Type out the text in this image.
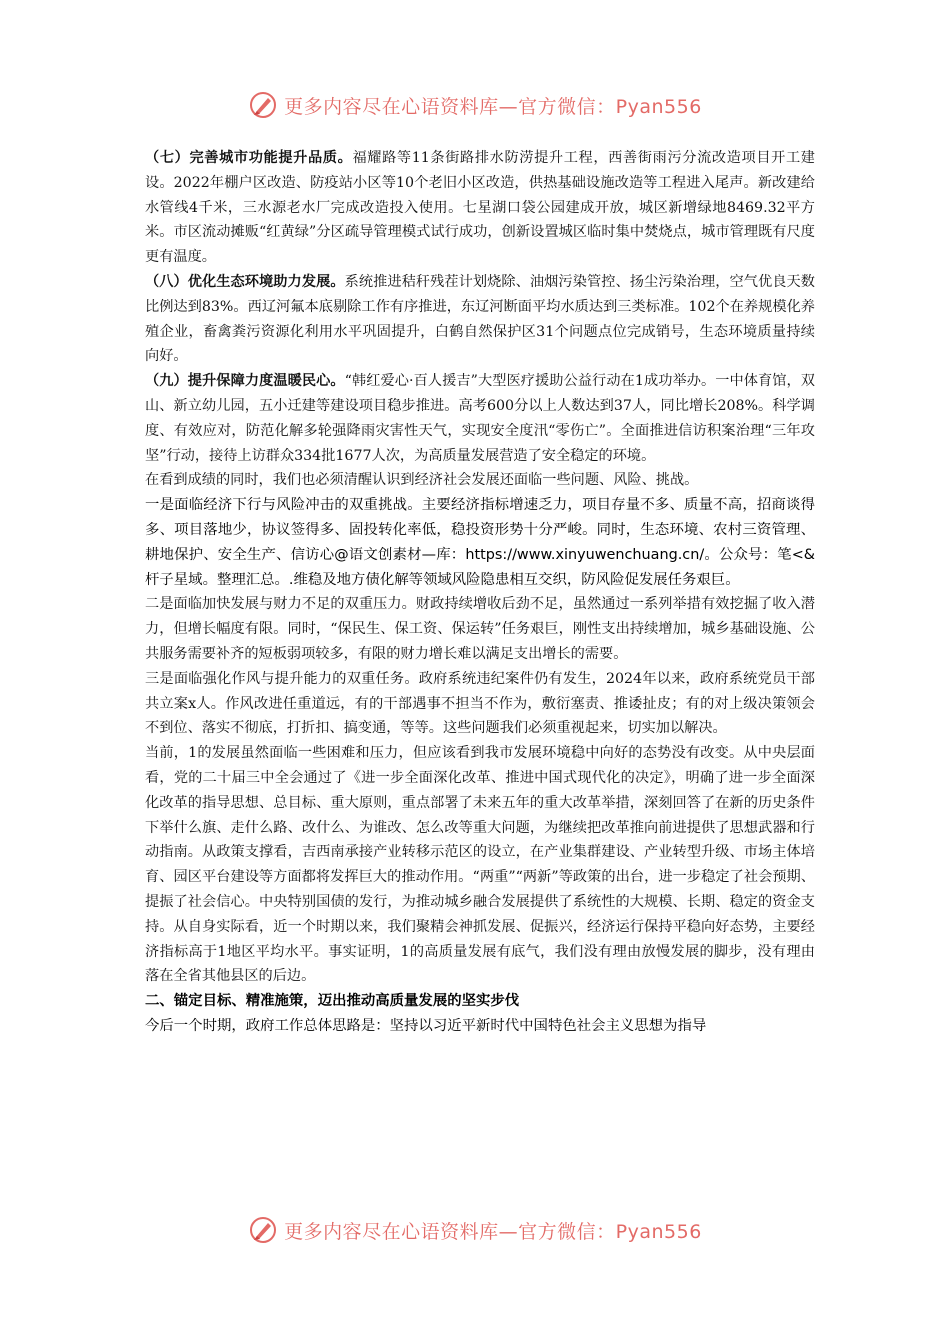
更多内容尽在心语资料库—官方微信：Pyan556

（七）完善城市功能提升品质。福耀路等11条街路排水防涝提升工程，西善街雨污分流改造项目开工建设。2022年棚户区改造、防疫站小区等10个老旧小区改造，供热基础设施改造等工程进入尾声。新改建给水管线4千米，三水源老水厂完成改造投入使用。七星湖口袋公园建成开放，城区新增绿地8469.32平方米。市区流动摊贩“红黄绿”分区疏导管理模式试行成功，创新设置城区临时集中焚烧点，城市管理既有尺度更有温度。

（八）优化生态环境助力发展。系统推进秸秆残茬计划烧除、油烟污染管控、扬尘污染治理，空气优良天数比例达到83%。西辽河氟本底剔除工作有序推进，东辽河断面平均水质达到三类标准。102个在养规模化养殖企业，畜禽粪污资源化利用水平巩固提升，白鹤自然保护区31个问题点位完成销号，生态环境质量持续向好。

（九）提升保障力度温暖民心。“韩红爱心·百人援吉”大型医疗援助公益行动在1成功举办。一中体育馆，双山、新立幼儿园，五小迁建等建设项目稳步推进。高考600分以上人数达到37人，同比增长208%。科学调度、有效应对，防范化解多轮强降雨灾害性天气，实现安全度汛“零伤亡”。全面推进信访积案治理“三年攻坚”行动，接待上访群众334批1677人次，为高质量发展营造了安全稳定的环境。

在看到成绩的同时，我们也必须清醒认识到经济社会发展还面临一些问题、风险、挑战。

一是面临经济下行与风险冲击的双重挑战。主要经济指标增速乏力，项目存量不多、质量不高，招商谈得多、项目落地少，协议签得多、固投转化率低，稳投资形势十分严峻。同时，生态环境、农村三资管理、耕地保护、安全生产、信访心@语文创素材—库：https://www.xinyuwenchuang.cn/。公众号：笔<&杆子星域。整理汇总。.维稳及地方债化解等领域风险隐患相互交织，防风险促发展任务艰巨。

二是面临加快发展与财力不足的双重压力。财政持续增收后劲不足，虽然通过一系列举措有效挖掘了收入潜力，但增长幅度有限。同时，“保民生、保工资、保运转”任务艰巨，刚性支出持续增加，城乡基础设施、公共服务需要补齐的短板弱项较多，有限的财力增长难以满足支出增长的需要。

三是面临强化作风与提升能力的双重任务。政府系统违纪案件仍有发生，2024年以来，政府系统党员干部共立案x人。作风改进任重道远，有的干部遇事不担当不作为，敷衍塞责、推诿扯皮；有的对上级决策领会不到位、落实不彻底，打折扣、搞变通，等等。这些问题我们必须重视起来，切实加以解决。

当前，1的发展虽然面临一些困难和压力，但应该看到我市发展环境稳中向好的态势没有改变。从中央层面看，党的二十届三中全会通过了《进一步全面深化改革、推进中国式现代化的决定》，明确了进一步全面深化改革的指导思想、总目标、重大原则，重点部署了未来五年的重大改革举措，深刻回答了在新的历史条件下举什么旗、走什么路、改什么、为谁改、怎么改等重大问题，为继续把改革推向前进提供了思想武器和行动指南。从政策支撑看，吉西南承接产业转移示范区的设立，在产业集群建设、产业转型升级、市场主体培育、园区平台建设等方面都将发挥巨大的推动作用。“两重”“两新”等政策的出台，进一步稳定了社会预期、提振了社会信心。中央特别国债的发行，为推动城乡融合发展提供了系统性的大规模、长期、稳定的资金支持。从自身实际看，近一个时期以来，我们聚精会神抓发展、促振兴，经济运行保持平稳向好态势，主要经济指标高于1地区平均水平。事实证明，1的高质量发展有底气，我们没有理由放慢发展的脚步，没有理由落在全省其他县区的后边。

二、锚定目标、精准施策，迈出推动高质量发展的坚实步伐

今后一个时期，政府工作总体思路是：坚持以习近平新时代中国特色社会主义思想为指导

更多内容尽在心语资料库—官方微信：Pyan556
